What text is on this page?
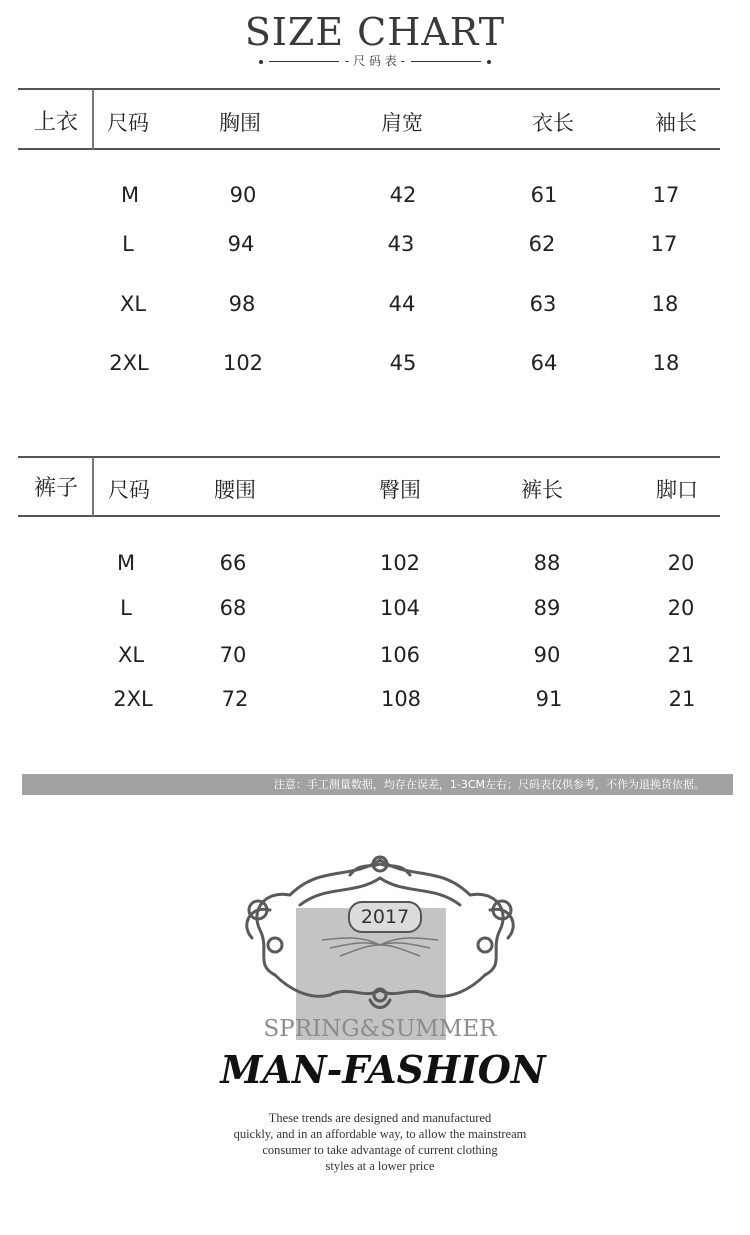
SIZE CHART
- 尺 码 表 -
上衣	尺码	胸围	肩宽	衣长	袖长
M	90	42	61	17
L	94	43	62	17
XL	98	44	63	18
2XL	102	45	64	18
裤子	尺码	腰围	臀围	裤长	脚口
M	66	102	88	20
L	68	104	89	20
XL	70	106	90	21
2XL	72	108	91	21
注意：手工测量数据，均存在误差，1-3CM左右；尺码表仅供参考，不作为退换货依据。
2017
SPRING&SUMMER
MAN-FASHION
These trends are designed and manufactured
quickly, and in an affordable way, to allow the mainstream
consumer to take advantage of current clothing
styles at a lower price
